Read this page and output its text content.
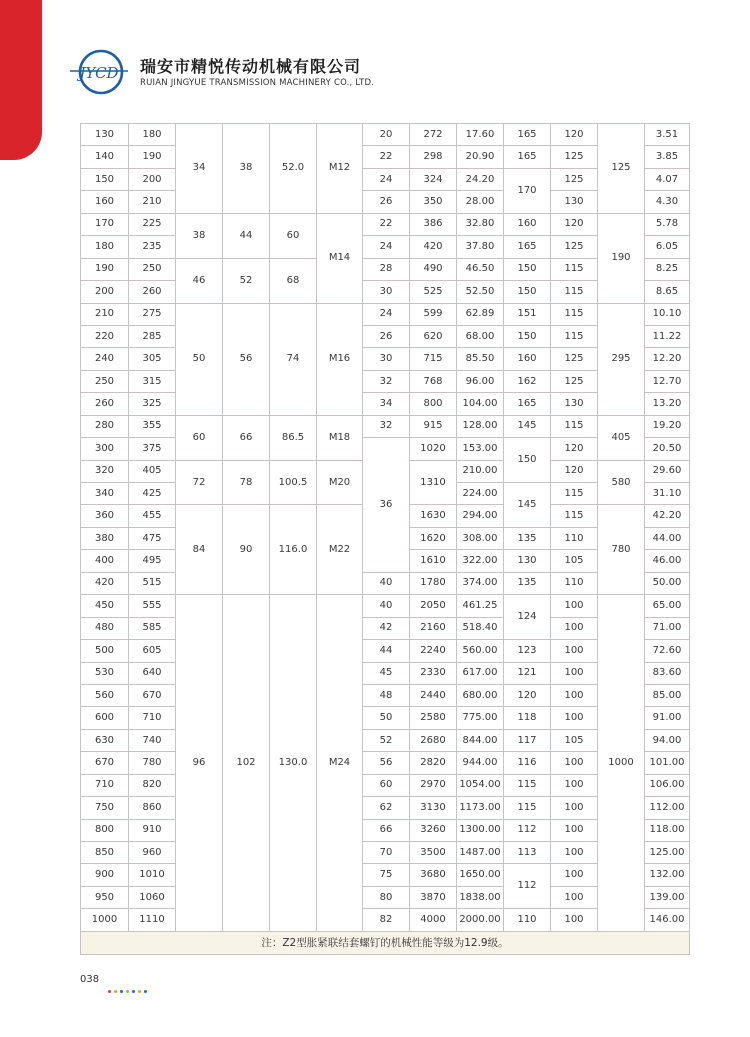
JYCD 瑞安市精悦传动机械有限公司
RUIAN JINGYUE TRANSMISSION MACHINERY CO., LTD.
130	180	34	38	52.0	M12	20	272	17.60	165	120	125	3.51
140	190					22	298	20.90	165	125		3.85
150	200					24	324	24.20	170	125		4.07
160	210					26	350	28.00		130		4.30
170	225	38	44	60	M14	22	386	32.80	160	120	190	5.78
180	235					24	420	37.80	165	125		6.05
190	250	46	52	68		28	490	46.50	150	115		8.25
200	260					30	525	52.50	150	115		8.65
210	275	50	56	74	M16	24	599	62.89	151	115	295	10.10
220	285					26	620	68.00	150	115		11.22
240	305					30	715	85.50	160	125		12.20
250	315					32	768	96.00	162	125		12.70
260	325					34	800	104.00	165	130		13.20
280	355	60	66	86.5	M18	32	915	128.00	145	115	405	19.20
300	375					36	1020	153.00	150	120		20.50
320	405	72	78	100.5	M20		1310	210.00		120	580	29.60
340	425							224.00	145	115		31.10
360	455	84	90	116.0	M22		1630	294.00		115	780	42.20
380	475						1620	308.00	135	110		44.00
400	495						1610	322.00	130	105		46.00
420	515					40	1780	374.00	135	110		50.00
450	555	96	102	130.0	M24	40	2050	461.25	124	100	1000	65.00
480	585					42	2160	518.40		100		71.00
500	605					44	2240	560.00	123	100		72.60
530	640					45	2330	617.00	121	100		83.60
560	670					48	2440	680.00	120	100		85.00
600	710					50	2580	775.00	118	100		91.00
630	740					52	2680	844.00	117	105		94.00
670	780					56	2820	944.00	116	100		101.00
710	820					60	2970	1054.00	115	100		106.00
750	860					62	3130	1173.00	115	100		112.00
800	910					66	3260	1300.00	112	100		118.00
850	960					70	3500	1487.00	113	100		125.00
900	1010					75	3680	1650.00	112	100		132.00
950	1060					80	3870	1838.00		100		139.00
1000	1110					82	4000	2000.00	110	100		146.00
注：Z2型胀紧联结套螺钉的机械性能等级为12.9级。												
038
